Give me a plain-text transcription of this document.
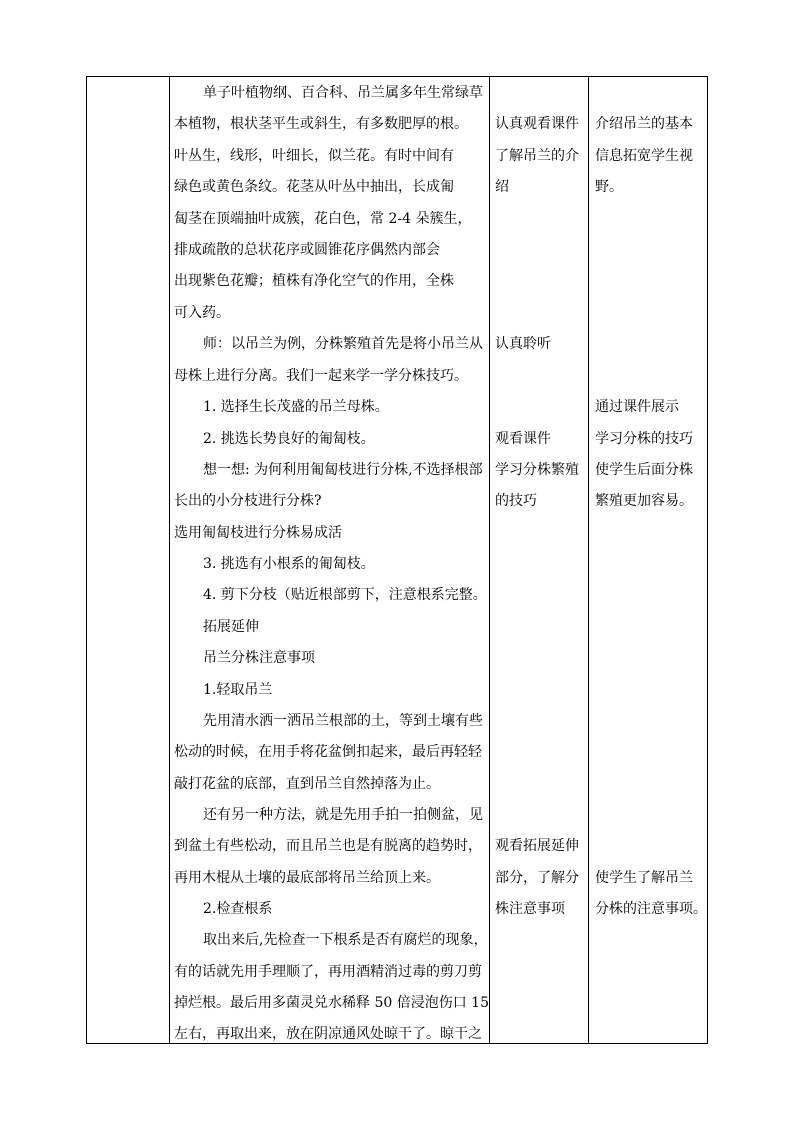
单子叶植物纲、百合科、吊兰属多年生常绿草
本植物，根状茎平生或斜生，有多数肥厚的根。
叶丛生，线形，叶细长，似兰花。有时中间有
绿色或黄色条纹。花茎从叶丛中抽出，长成匍
匐茎在顶端抽叶成簇，花白色，常 2-4 朵簇生，
排成疏散的总状花序或圆锥花序偶然内部会
出现紫色花瓣；植株有净化空气的作用，全株
可入药。
师：以吊兰为例，分株繁殖首先是将小吊兰从
母株上进行分离。我们一起来学一学分株技巧。
1. 选择生长茂盛的吊兰母株。
2. 挑选长势良好的匍匐枝。
想一想: 为何利用匍匐枝进行分株,不选择根部
长出的小分枝进行分株?
选用匍匐枝进行分株易成活
3. 挑选有小根系的匍匐枝。
4. 剪下分枝（贴近根部剪下，注意根系完整。
拓展延伸
吊兰分株注意事项
1.轻取吊兰
先用清水洒一洒吊兰根部的土，等到土壤有些
松动的时候，在用手将花盆倒扣起来，最后再轻轻
敲打花盆的底部，直到吊兰自然掉落为止。
还有另一种方法，就是先用手拍一拍侧盆，见
到盆土有些松动，而且吊兰也是有脱离的趋势时，
再用木棍从土壤的最底部将吊兰给顶上来。
2.检查根系
取出来后,先检查一下根系是否有腐烂的现象，
有的话就先用手理顺了，再用酒精消过毒的剪刀剪
掉烂根。最后用多菌灵兑水稀释 50 倍浸泡伤口 15
左右，再取出来，放在阴凉通风处晾干了。晾干之
认真观看课件
了解吊兰的介
绍
认真聆听
观看课件
学习分株繁殖
的技巧
观看拓展延伸
部分，了解分
株注意事项
介绍吊兰的基本
信息拓宽学生视
野。
通过课件展示
学习分株的技巧
使学生后面分株
繁殖更加容易。
使学生了解吊兰
分株的注意事项。
